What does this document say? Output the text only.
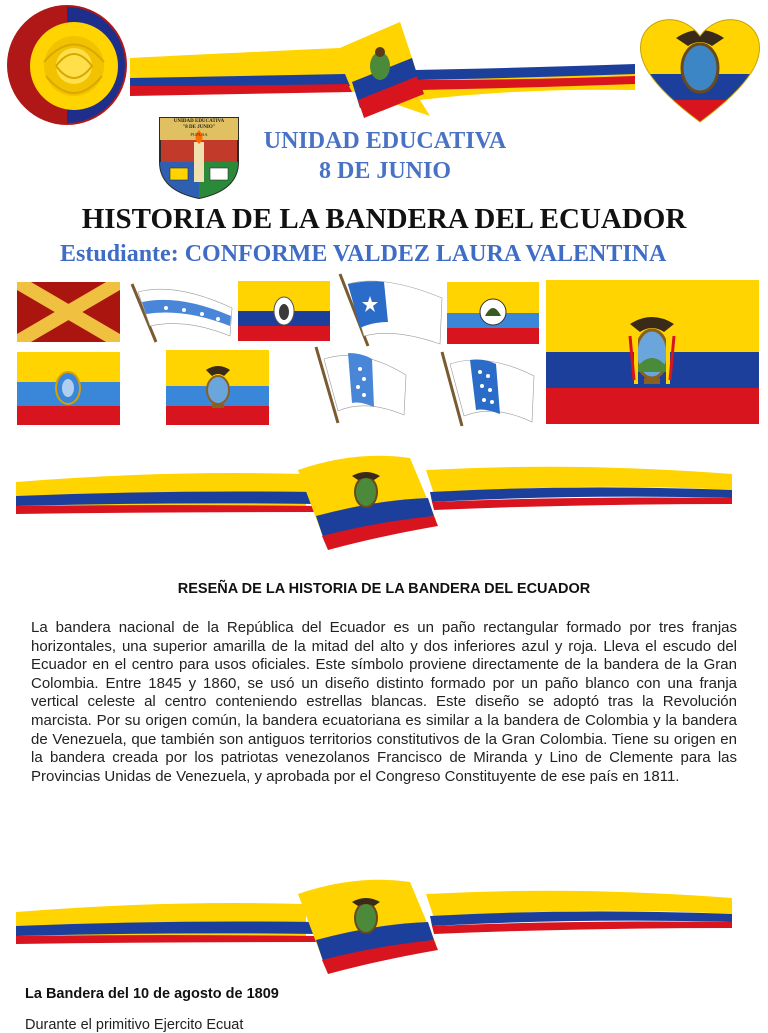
UNIDAD EDUCATIVA
"8 DE JUNIO"
PUPUSA	UNIDAD EDUCATIVA
8 DE JUNIO
HISTORIA DE LA BANDERA DEL ECUADOR
Estudiante: CONFORME VALDEZ LAURA VALENTINA
RESEÑA DE LA HISTORIA DE LA BANDERA DEL ECUADOR
La bandera nacional de la República del Ecuador es un paño rectangular formado por tres franjas horizontales, una superior amarilla de la mitad del alto y dos inferiores azul y roja. Lleva el escudo del Ecuador en el centro para usos oficiales. Este símbolo proviene directamente de la bandera de la Gran Colombia. Entre 1845 y 1860, se usó un diseño distinto formado por un paño blanco con una franja vertical celeste al centro conteniendo estrellas blancas. Este diseño se adoptó tras la Revolución marcista. Por su origen común, la bandera ecuatoriana es similar a la bandera de Colombia y la bandera de Venezuela, que también son antiguos territorios constitutivos de la Gran Colombia. Tiene su origen en la bandera creada por los patriotas venezolanos Francisco de Miranda y Lino de Clemente para las Provincias Unidas de Venezuela, y aprobada por el Congreso Constituyente de ese país en 1811.
La Bandera del 10 de agosto de 1809
Durante el primitivo Ejercito Ecuat
